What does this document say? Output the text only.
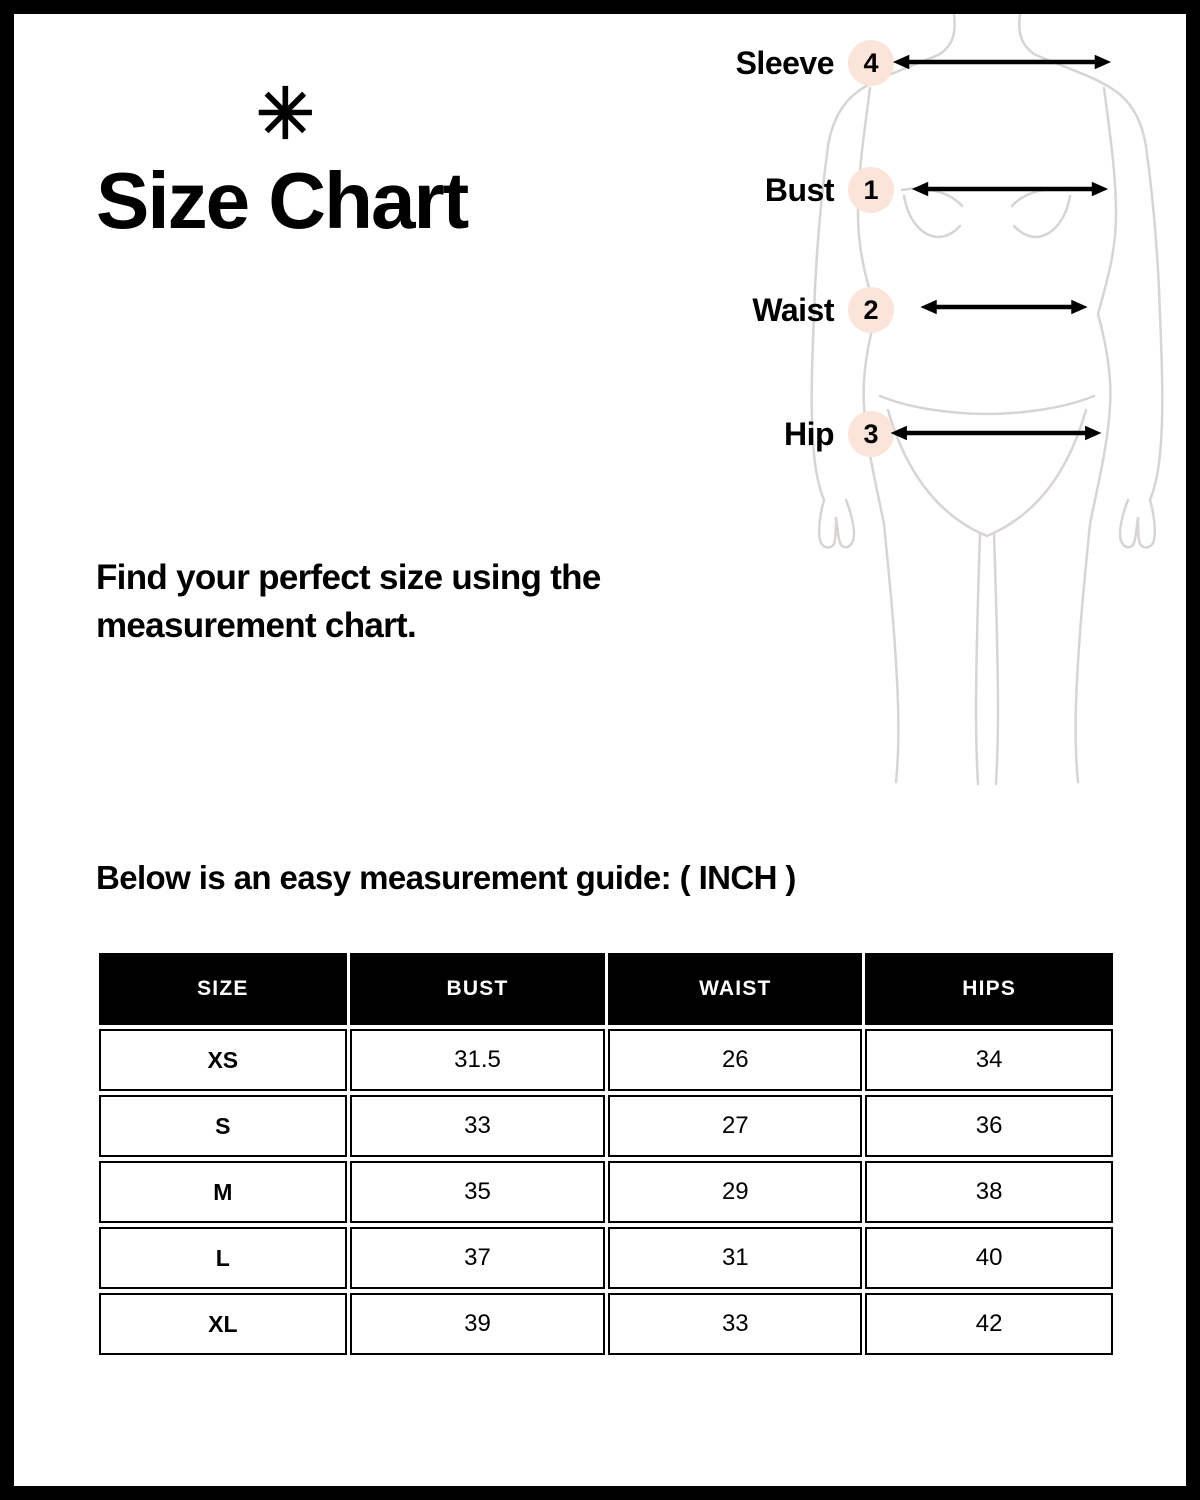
✳
Size Chart
Find your perfect size using the measurement chart.
Sleeve	4
Bust	1
Waist	2
Hip	3
Below is an easy measurement guide: ( INCH )
SIZE	BUST	WAIST	HIPS
XS	31.5	26	34
S	33	27	36
M	35	29	38
L	37	31	40
XL	39	33	42
